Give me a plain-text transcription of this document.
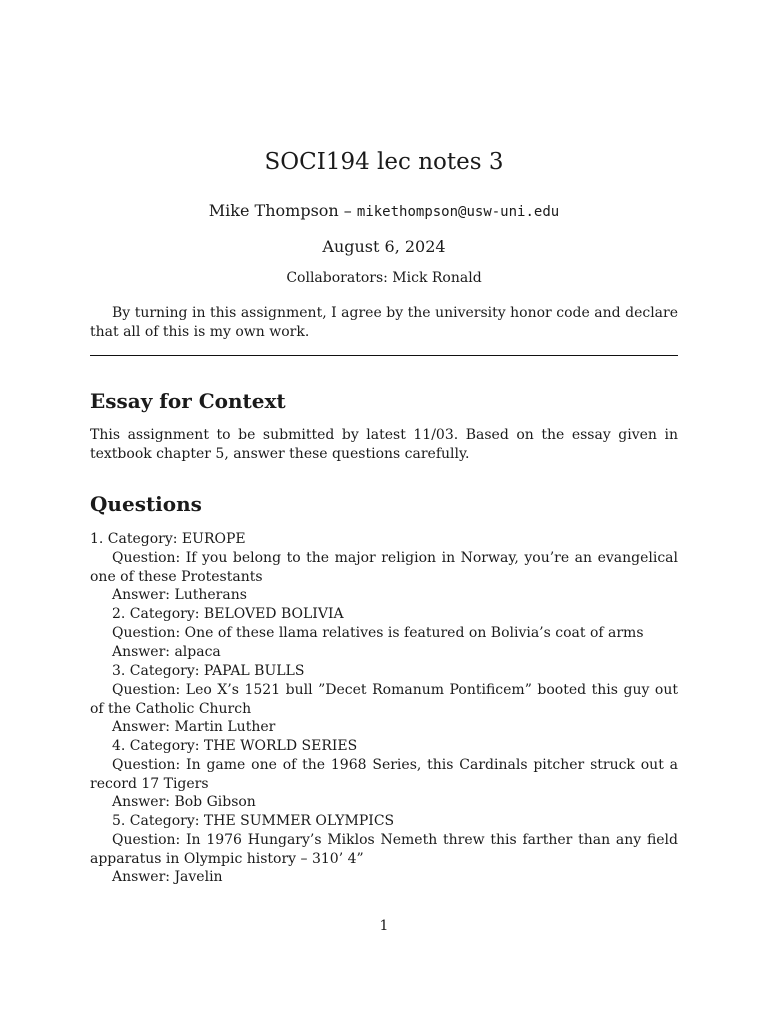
SOCI194 lec notes 3
Mike Thompson – mikethompson@usw-uni.edu
August 6, 2024
Collaborators: Mick Ronald
By turning in this assignment, I agree by the university honor code and declare that all of this is my own work.
Essay for Context
This assignment to be submitted by latest 11/03. Based on the essay given in textbook chapter 5, answer these questions carefully.
Questions
1. Category: EUROPE
Question: If you belong to the major religion in Norway, you’re an evangelical one of these Protestants
Answer: Lutherans
2. Category: BELOVED BOLIVIA
Question: One of these llama relatives is featured on Bolivia’s coat of arms
Answer: alpaca
3. Category: PAPAL BULLS
Question: Leo X’s 1521 bull ”Decet Romanum Pontificem” booted this guy out of the Catholic Church
Answer: Martin Luther
4. Category: THE WORLD SERIES
Question: In game one of the 1968 Series, this Cardinals pitcher struck out a record 17 Tigers
Answer: Bob Gibson
5. Category: THE SUMMER OLYMPICS
Question: In 1976 Hungary’s Miklos Nemeth threw this farther than any field apparatus in Olympic history – 310’ 4”
Answer: Javelin
1
